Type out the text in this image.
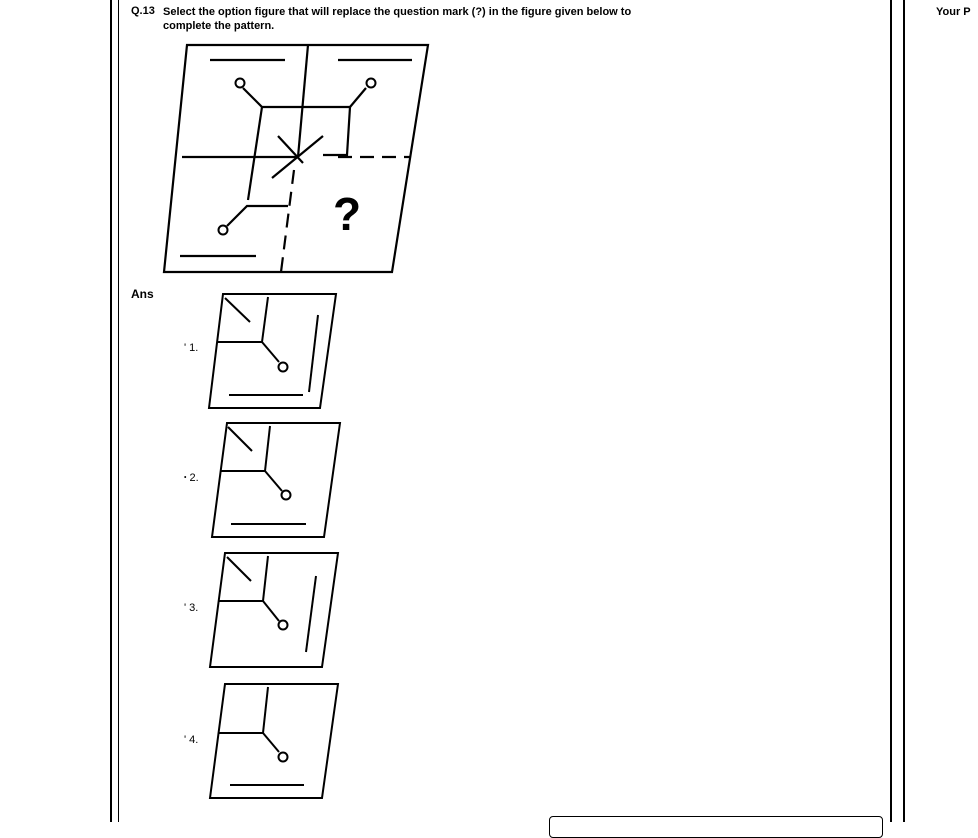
Q.13 Select the option figure that will replace the question mark (?) in the figure given below to complete the pattern.
Your P
?
Ans
' 1.
• 2.
' 3.
' 4.
